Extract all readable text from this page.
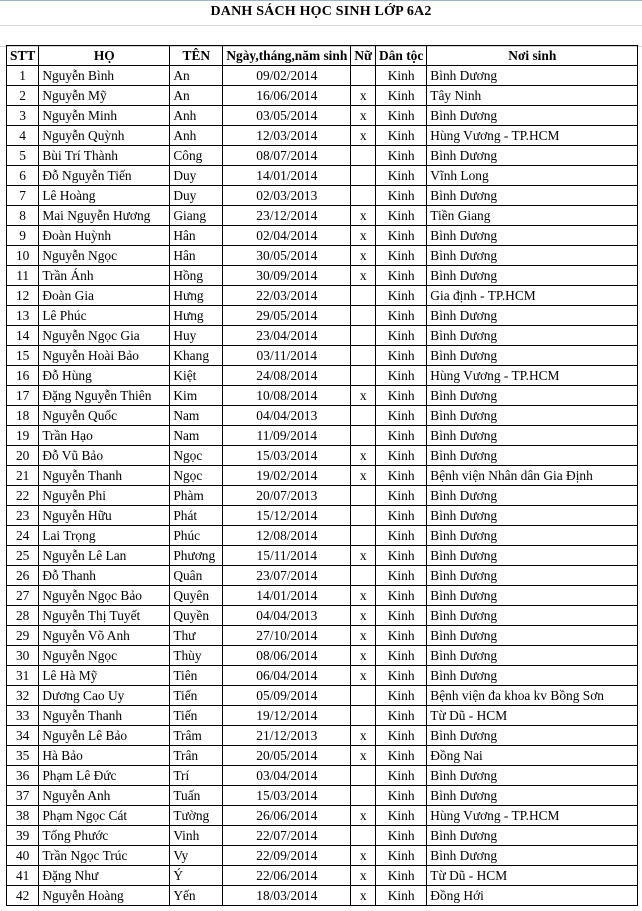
DANH SÁCH HỌC SINH LỚP 6A2
STT	HỌ	TÊN	Ngày,tháng,năm sinh	Nữ	Dân tộc	Nơi sinh
1	Nguyễn Bình	An	09/02/2014		Kinh	Bình Dương
2	Nguyễn Mỹ	An	16/06/2014	x	Kinh	Tây Ninh
3	Nguyễn Minh	Anh	03/05/2014	x	Kinh	Bình Dương
4	Nguyễn Quỳnh	Anh	12/03/2014	x	Kinh	Hùng Vương - TP.HCM
5	Bùi Trí Thành	Công	08/07/2014		Kinh	Bình Dương
6	Đỗ Nguyễn Tiến	Duy	14/01/2014		Kinh	Vĩnh Long
7	Lê Hoàng	Duy	02/03/2013		Kinh	Bình Dương
8	Mai Nguyễn Hương	Giang	23/12/2014	x	Kinh	Tiền Giang
9	Đoàn Huỳnh	Hân	02/04/2014	x	Kinh	Bình Dương
10	Nguyễn Ngọc	Hân	30/05/2014	x	Kinh	Bình Dương
11	Trần Ánh	Hồng	30/09/2014	x	Kinh	Bình Dương
12	Đoàn Gia	Hưng	22/03/2014		Kinh	Gia định - TP.HCM
13	Lê Phúc	Hưng	29/05/2014		Kinh	Bình Dương
14	Nguyễn Ngọc Gia	Huy	23/04/2014		Kinh	Bình Dương
15	Nguyễn Hoài Bảo	Khang	03/11/2014		Kinh	Bình Dương
16	Đỗ Hùng	Kiệt	24/08/2014		Kinh	Hùng Vương - TP.HCM
17	Đặng Nguyễn Thiên	Kim	10/08/2014	x	Kinh	Bình Dương
18	Nguyễn Quốc	Nam	04/04/2013		Kinh	Bình Dương
19	Trần Hạo	Nam	11/09/2014		Kinh	Bình Dương
20	Đỗ Vũ Bảo	Ngọc	15/03/2014	x	Kinh	Bình Dương
21	Nguyễn Thanh	Ngọc	19/02/2014	x	Kinh	Bệnh viện Nhân dân Gia Định
22	Nguyễn Phi	Phàm	20/07/2013		Kinh	Bình Dương
23	Nguyễn Hữu	Phát	15/12/2014		Kinh	Bình Dương
24	Lai Trọng	Phúc	12/08/2014		Kinh	Bình Dương
25	Nguyễn Lê Lan	Phương	15/11/2014	x	Kinh	Bình Dương
26	Đỗ Thanh	Quân	23/07/2014		Kinh	Bình Dương
27	Nguyễn Ngọc Bảo	Quyên	14/01/2014	x	Kinh	Bình Dương
28	Nguyễn Thị Tuyết	Quyền	04/04/2013	x	Kinh	Bình Dương
29	Nguyễn Võ Anh	Thư	27/10/2014	x	Kinh	Bình Dương
30	Nguyễn Ngọc	Thùy	08/06/2014	x	Kinh	Bình Dương
31	Lê Hà Mỹ	Tiên	06/04/2014	x	Kinh	Bình Dương
32	Dương Cao Uy	Tiến	05/09/2014		Kinh	Bệnh viện đa khoa kv Bồng Sơn
33	Nguyễn Thanh	Tiến	19/12/2014		Kinh	Từ Dũ - HCM
34	Nguyễn Lê Bảo	Trâm	21/12/2013	x	Kinh	Bình Dương
35	Hà Bảo	Trân	20/05/2014	x	Kinh	Đồng Nai
36	Phạm Lê Đức	Trí	03/04/2014		Kinh	Bình Dương
37	Nguyễn Anh	Tuấn	15/03/2014		Kinh	Bình Dương
38	Phạm Ngọc Cát	Tường	26/06/2014	x	Kinh	Hùng Vương - TP.HCM
39	Tống Phước	Vinh	22/07/2014		Kinh	Bình Dương
40	Trần Ngọc Trúc	Vy	22/09/2014	x	Kinh	Bình Dương
41	Đặng Như	Ý	22/06/2014	x	Kinh	Từ Dũ - HCM
42	Nguyễn Hoàng	Yến	18/03/2014	x	Kinh	Đồng Hới
